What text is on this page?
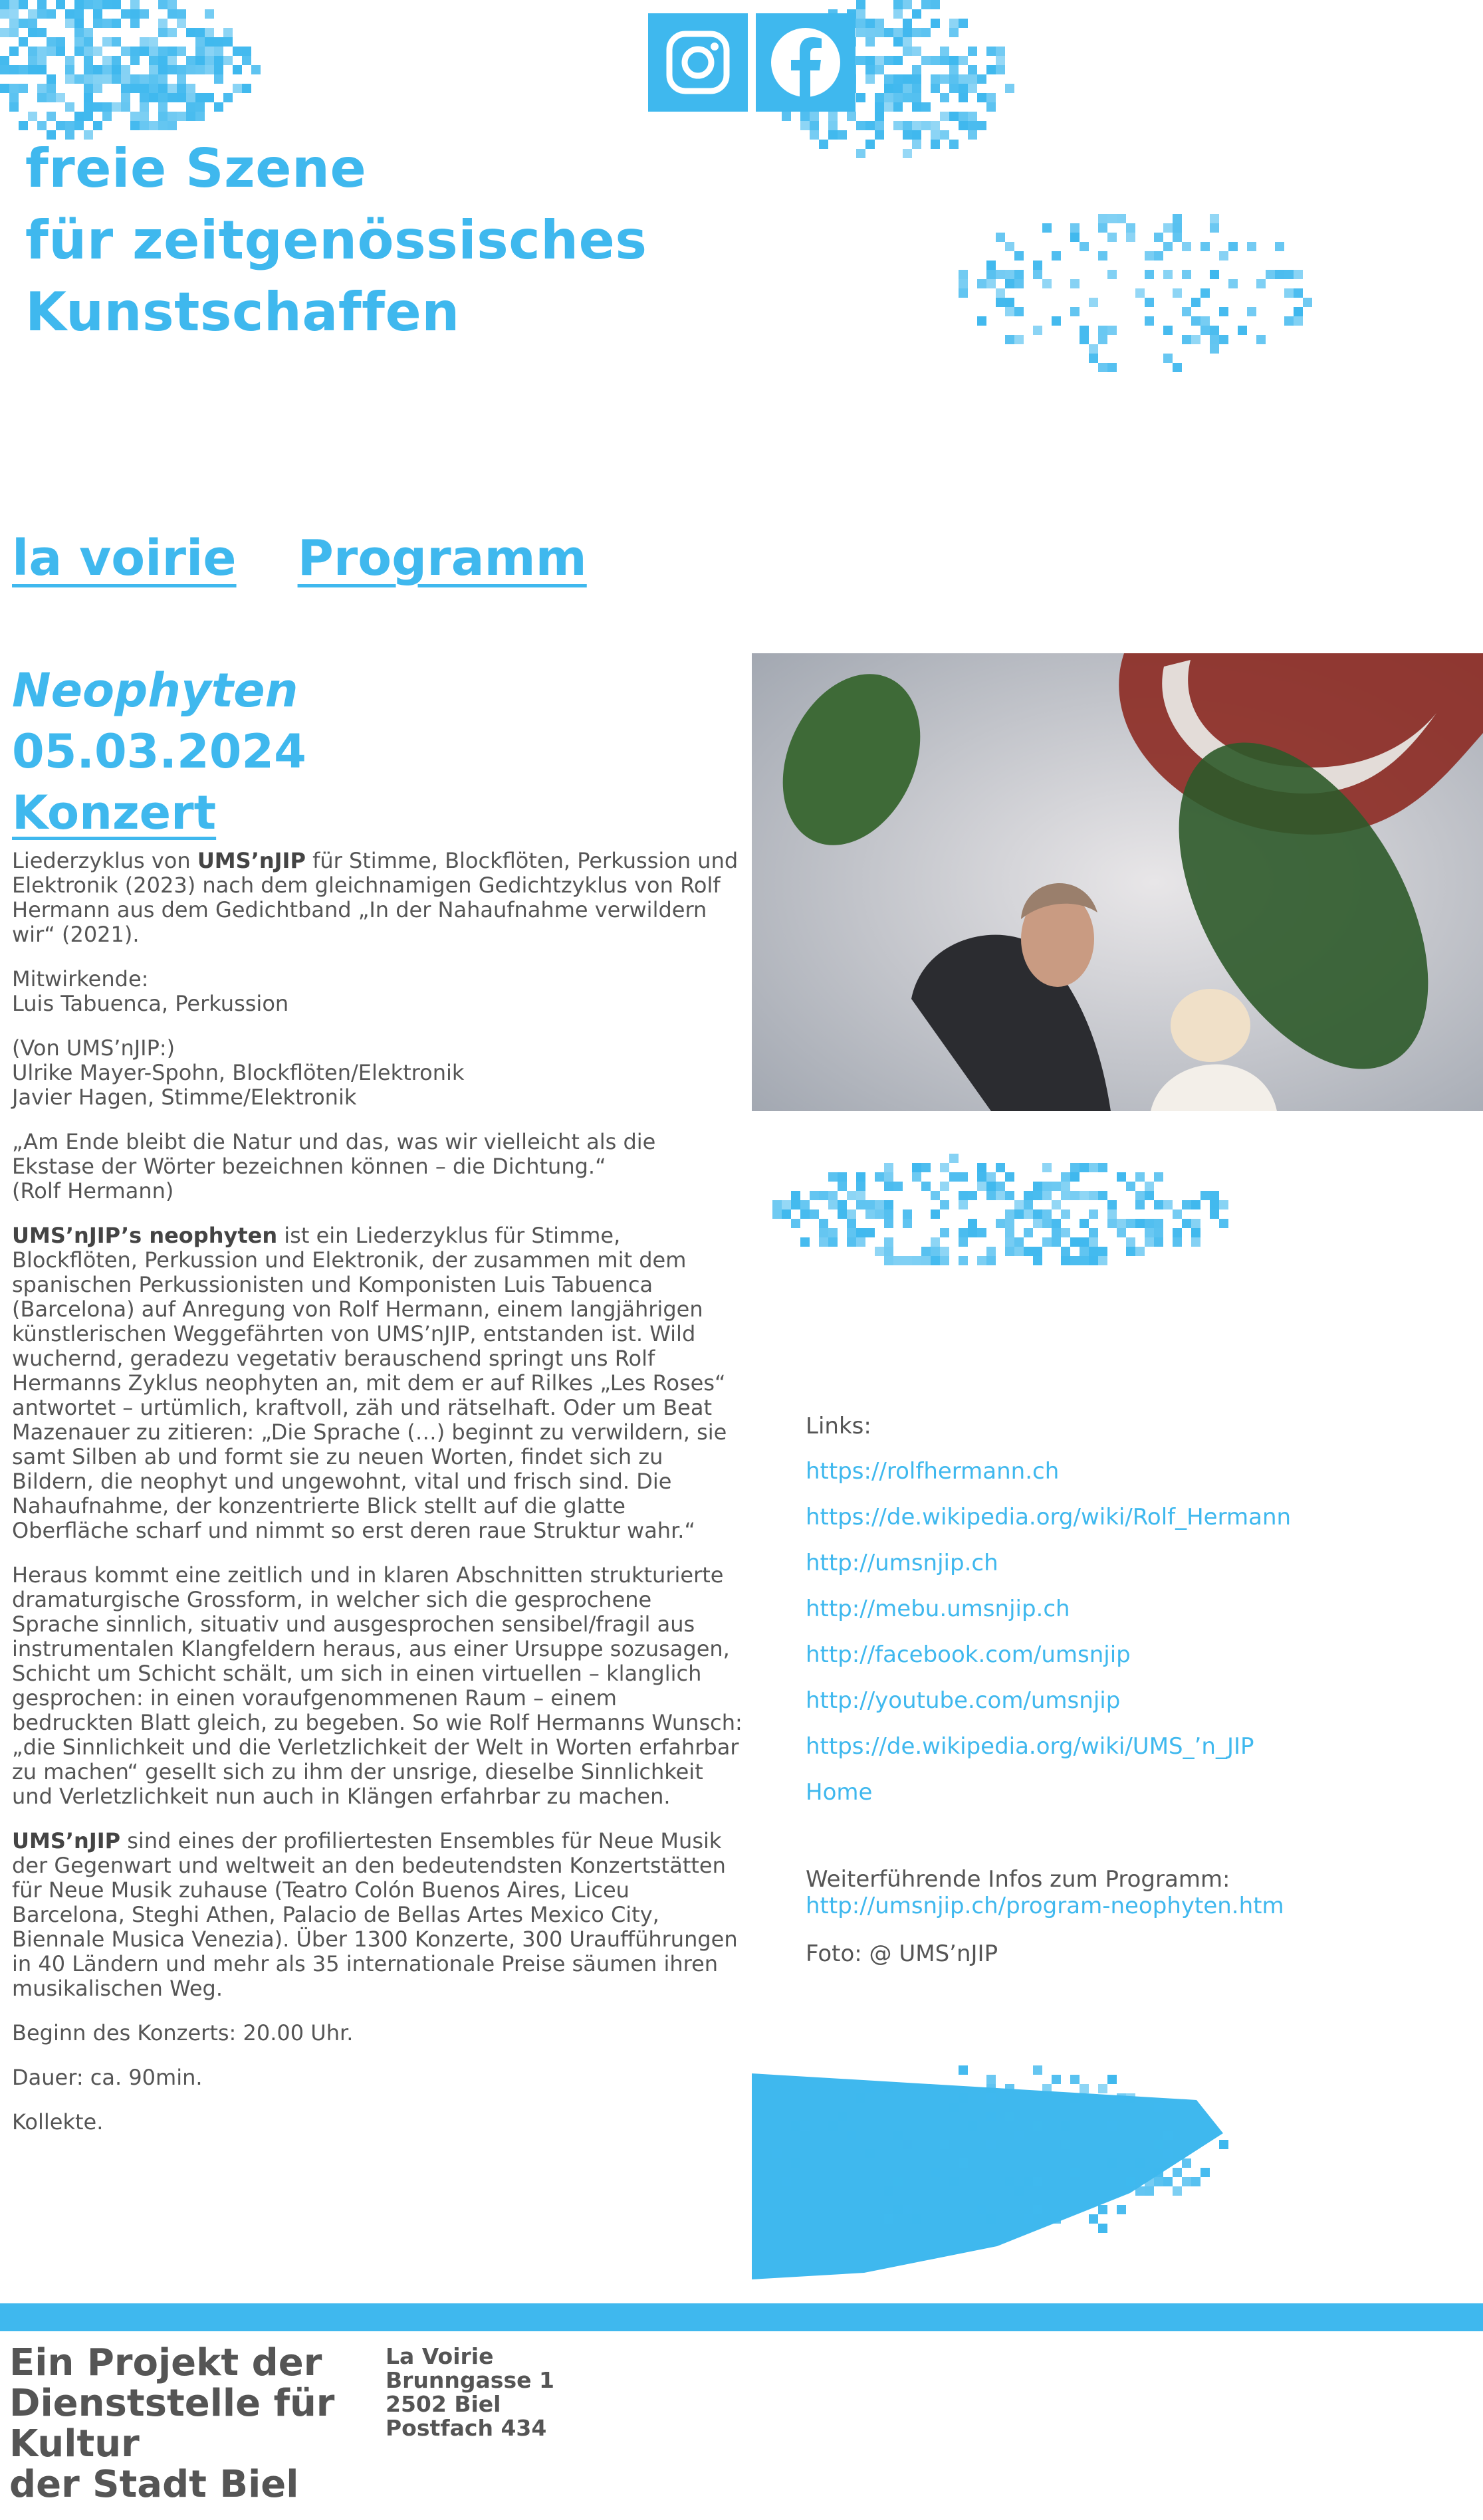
freie Szene
für zeitgenössisches
Kunstschaffen
la voirie Programm
Neophyten
05.03.2024
Konzert

Liederzyklus von UMS’nJIP für Stimme, Blockflöten, Perkussion und Elektronik (2023) nach dem gleichnamigen Gedichtzyklus von Rolf Hermann aus dem Gedichtband „In der Nahaufnahme verwildern wir“ (2021).

Mitwirkende:
Luis Tabuenca, Perkussion

(Von UMS’nJIP:)
Ulrike Mayer-Spohn, Blockflöten/Elektronik
Javier Hagen, Stimme/Elektronik

„Am Ende bleibt die Natur und das, was wir vielleicht als die Ekstase der Wörter bezeichnen können – die Dichtung.“
(Rolf Hermann)

UMS’nJIP’s neophyten ist ein Liederzyklus für Stimme, Blockflöten, Perkussion und Elektronik, der zusammen mit dem spanischen Perkussionisten und Komponisten Luis Tabuenca (Barcelona) auf Anregung von Rolf Hermann, einem langjährigen künstlerischen Weggefährten von UMS’nJIP, entstanden ist. Wild wuchernd, geradezu vegetativ berauschend springt uns Rolf Hermanns Zyklus neophyten an, mit dem er auf Rilkes „Les Roses“ antwortet – urtümlich, kraftvoll, zäh und rätselhaft. Oder um Beat Mazenauer zu zitieren: „Die Sprache (…) beginnt zu verwildern, sie samt Silben ab und formt sie zu neuen Worten, findet sich zu Bildern, die neophyt und ungewohnt, vital und frisch sind. Die Nahaufnahme, der konzentrierte Blick stellt auf die glatte Oberfläche scharf und nimmt so erst deren raue Struktur wahr.“

Heraus kommt eine zeitlich und in klaren Abschnitten strukturierte dramaturgische Grossform, in welcher sich die gesprochene Sprache sinnlich, situativ und ausgesprochen sensibel/fragil aus instrumentalen Klangfeldern heraus, aus einer Ursuppe sozusagen, Schicht um Schicht schält, um sich in einen virtuellen – klanglich gesprochen: in einen voraufgenommenen Raum – einem bedruckten Blatt gleich, zu begeben. So wie Rolf Hermanns Wunsch: „die Sinnlichkeit und die Verletzlichkeit der Welt in Worten erfahrbar zu machen“ gesellt sich zu ihm der unsrige, dieselbe Sinnlichkeit und Verletzlichkeit nun auch in Klängen erfahrbar zu machen.

UMS’nJIP sind eines der profiliertesten Ensembles für Neue Musik der Gegenwart und weltweit an den bedeutendsten Konzertstätten für Neue Musik zuhause (Teatro Colón Buenos Aires, Liceu Barcelona, Steghi Athen, Palacio de Bellas Artes Mexico City, Biennale Musica Venezia). Über 1300 Konzerte, 300 Uraufführungen in 40 Ländern und mehr als 35 internationale Preise säumen ihren musikalischen Weg.

Beginn des Konzerts: 20.00 Uhr.

Dauer: ca. 90min.

Kollekte.

Links:
https://rolfhermann.ch
https://de.wikipedia.org/wiki/Rolf_Hermann
http://umsnjip.ch
http://mebu.umsnjip.ch
http://facebook.com/umsnjip
http://youtube.com/umsnjip
https://de.wikipedia.org/wiki/UMS_’n_JIP
Home
Weiterführende Infos zum Programm:
http://umsnjip.ch/program-neophyten.htm
Foto: @ UMS’nJIP
Ein Projekt der
Dienststelle für
Kultur
der Stadt Biel
La Voirie
Brunngasse 1
2502 Biel
Postfach 434
